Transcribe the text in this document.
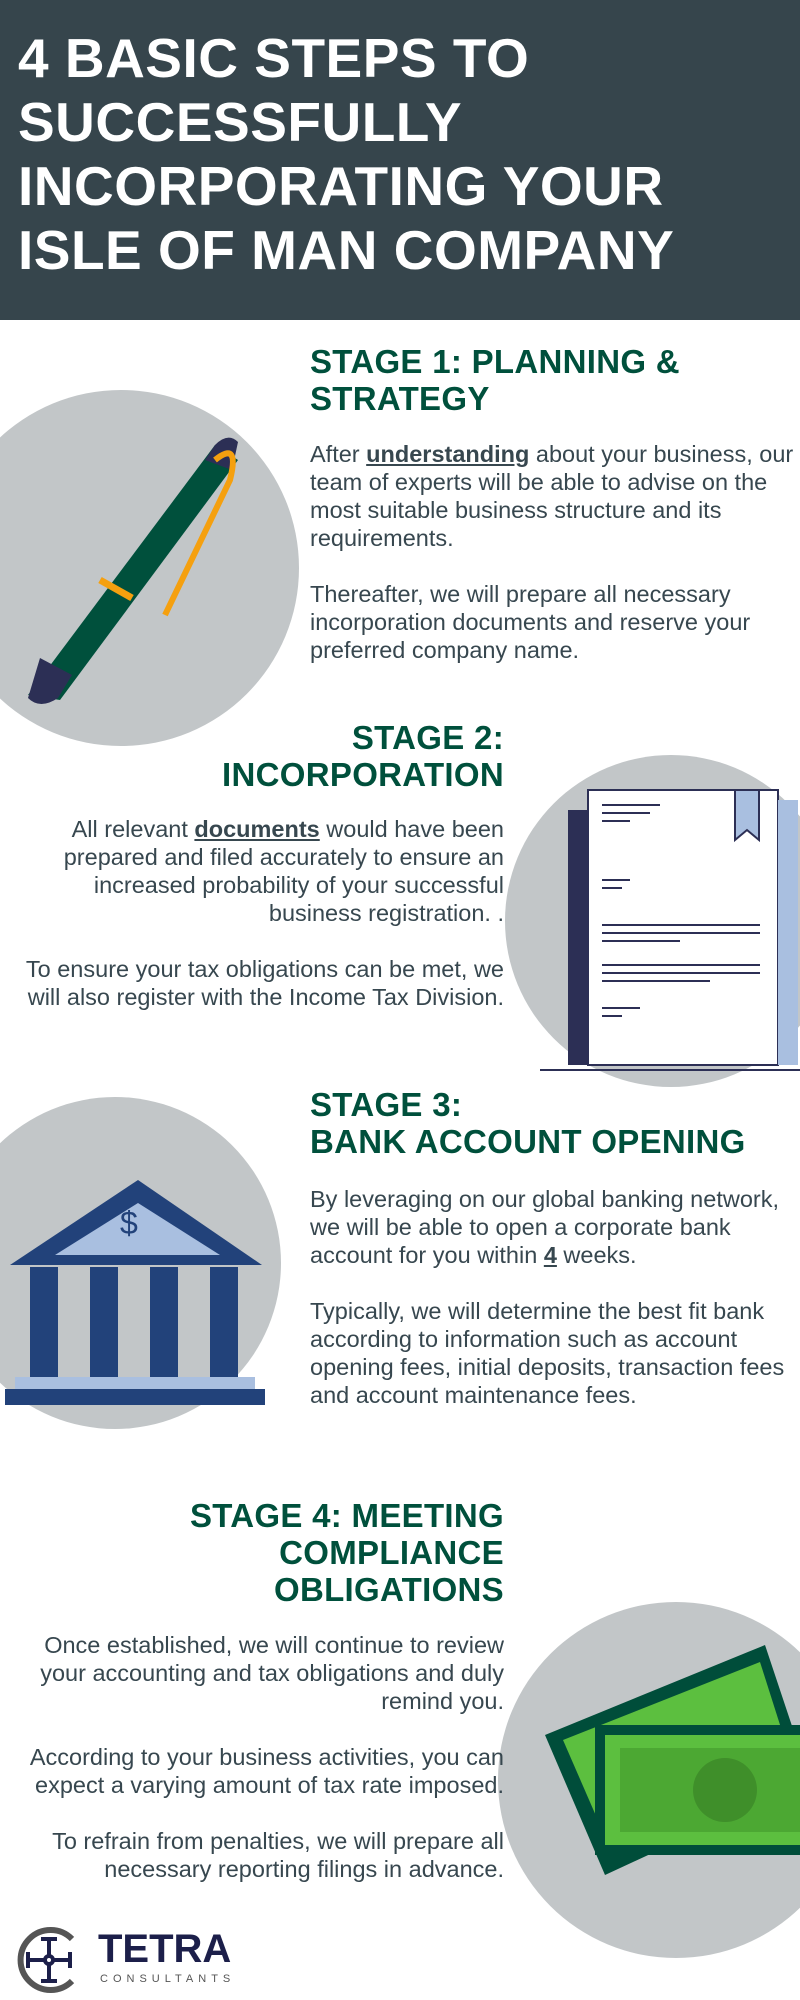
4 BASIC STEPS TO
SUCCESSFULLY
INCORPORATING YOUR
ISLE OF MAN COMPANY
STAGE 1: PLANNING &
STRATEGY

After understanding about your business, our team of experts will be able to advise on the most suitable business structure and its requirements.

Thereafter, we will prepare all necessary incorporation documents and reserve your preferred company name.

STAGE 2:
INCORPORATION

All relevant documents would have been prepared and filed accurately to ensure an increased probability of your successful business registration. .

To ensure your tax obligations can be met, we will also register with the Income Tax Division.

$
STAGE 3:
BANK ACCOUNT OPENING

By leveraging on our global banking network, we will be able to open a corporate bank account for you within 4 weeks.

Typically, we will determine the best fit bank according to information such as account opening fees, initial deposits, transaction fees and account maintenance fees.

STAGE 4: MEETING
COMPLIANCE
OBLIGATIONS

Once established, we will continue to review your accounting and tax obligations and duly remind you.

According to your business activities, you can expect a varying amount of tax rate imposed.

To refrain from penalties, we will prepare all necessary reporting filings in advance.

TETRA
CONSULTANTS
